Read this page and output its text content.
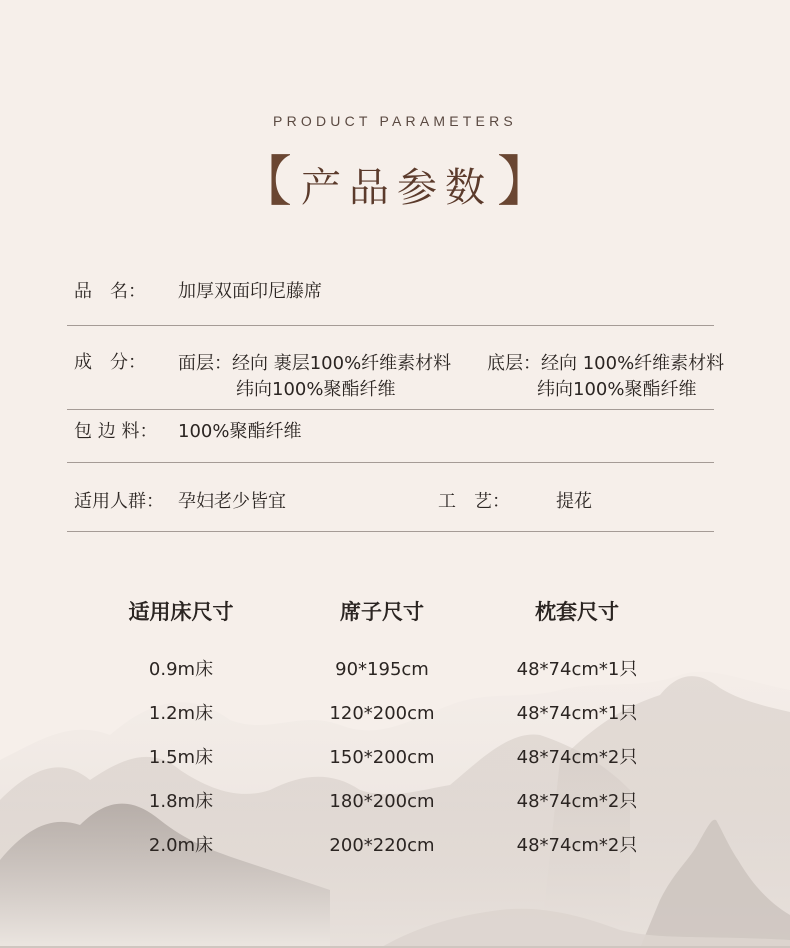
PRODUCT PARAMETERS
【 产品参数 】
品　名： 加厚双面印尼藤席
成　分： 面层：经向 裹层100%纤维素材料
纬向100%聚酯纤维
底层：经向 100%纤维素材料
纬向100%聚酯纤维
包 边 料： 100%聚酯纤维
适用人群： 孕妇老少皆宜	工　艺：	提花
适用床尺寸	席子尺寸	枕套尺寸
0.9m床	90*195cm	48*74cm*1只
1.2m床	120*200cm	48*74cm*1只
1.5m床	150*200cm	48*74cm*2只
1.8m床	180*200cm	48*74cm*2只
2.0m床	200*220cm	48*74cm*2只
